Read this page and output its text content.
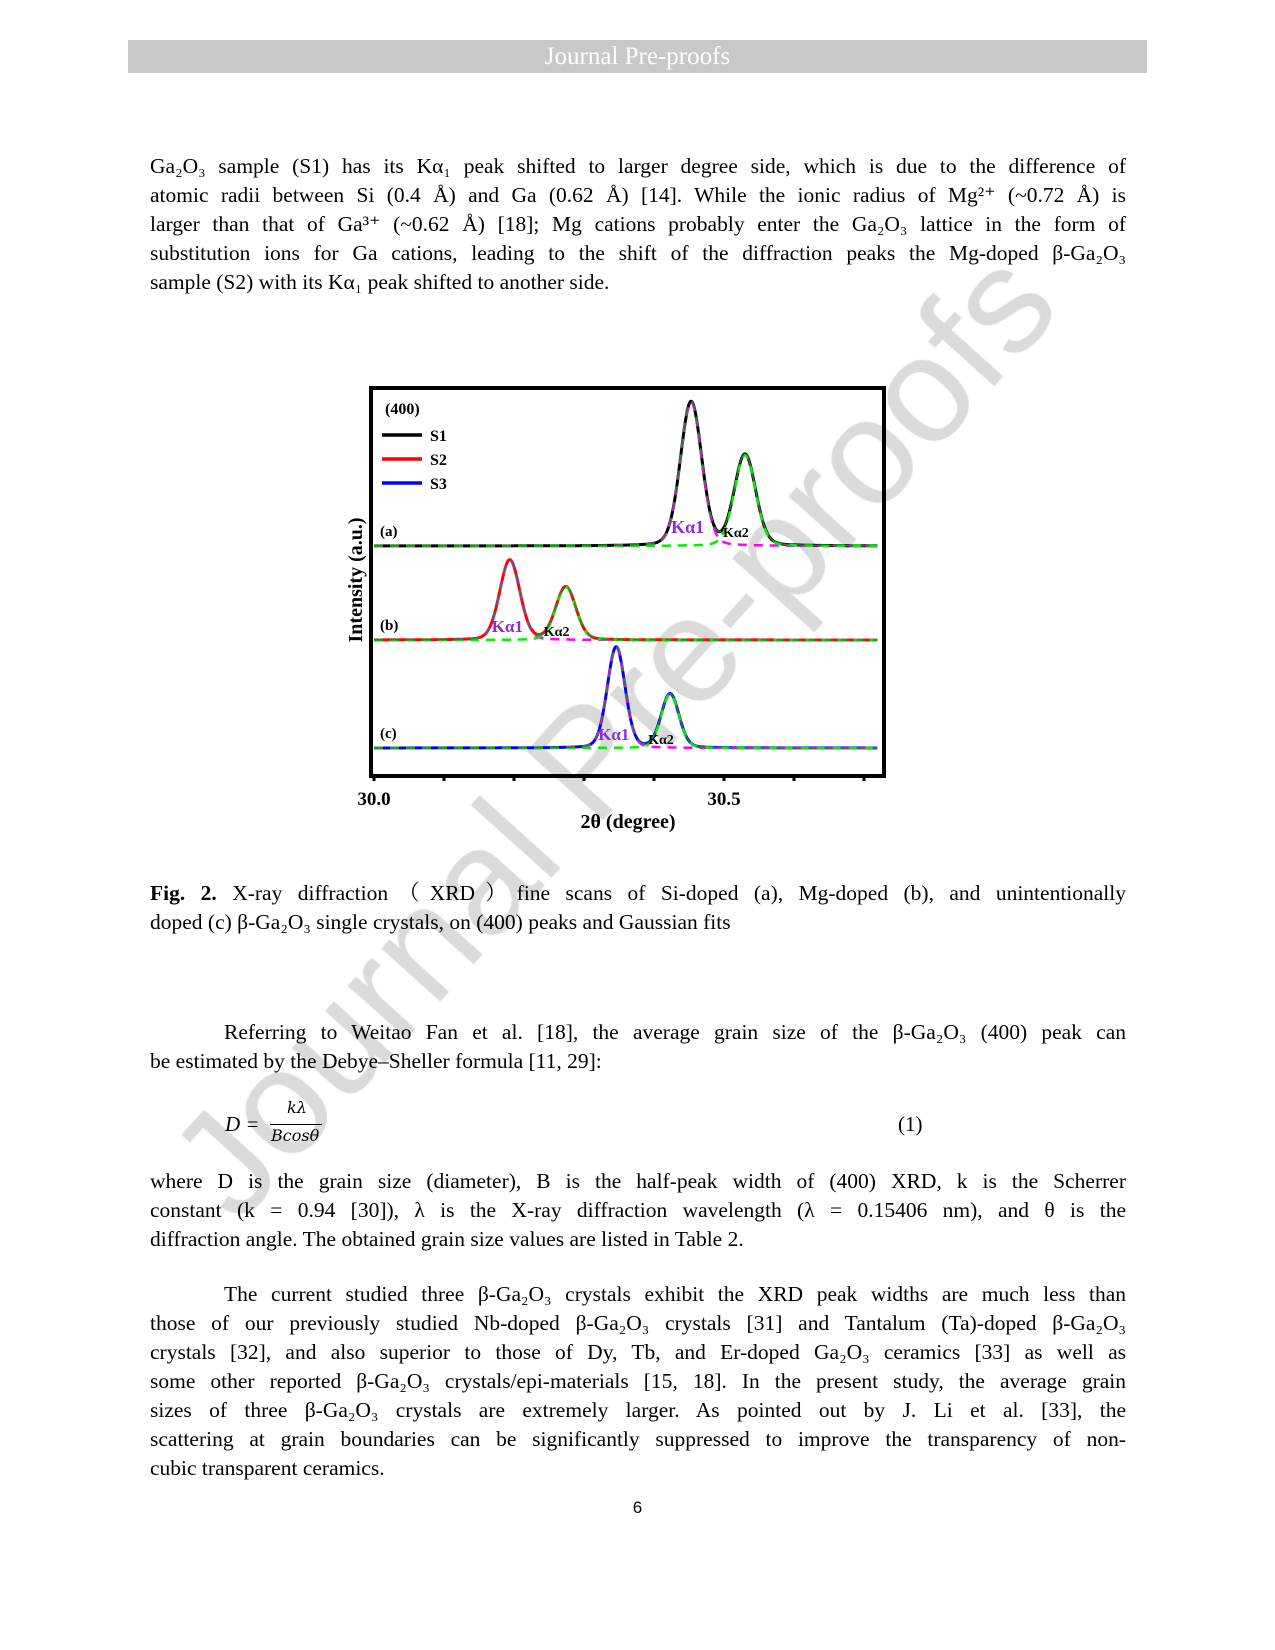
Journal Pre-proofs
Ga₂O₃ sample (S1) has its Kα₁ peak shifted to larger degree side, which is due to the difference of
atomic radii between Si (0.4 Å) and Ga (0.62 Å) [14]. While the ionic radius of Mg²⁺ (~0.72 Å) is
larger than that of Ga³⁺ (~0.62 Å) [18]; Mg cations probably enter the Ga₂O₃ lattice in the form of
substitution ions for Ga cations, leading to the shift of the diffraction peaks the Mg-doped β-Ga₂O₃
sample (S2) with its Kα₁ peak shifted to another side.
(a)	Kα1 Kα2
(b)	Kα1 Kα2
(c)	Kα1 Kα2
30.0	30.5
2θ (degree)
Intensity (a.u.)
(400)
S1
S2
S3
Fig. 2. X-ray diffraction（XRD）fine scans of Si-doped (a), Mg-doped (b), and unintentionally
doped (c) β-Ga₂O₃ single crystals, on (400) peaks and Gaussian fits
Referring to Weitao Fan et al. [18], the average grain size of the β-Ga₂O₃ (400) peak can
be estimated by the Debye–Sheller formula [11, 29]:
D =
kλ
Bcosθ	(1)
where D is the grain size (diameter), B is the half-peak width of (400) XRD, k is the Scherrer
constant (k = 0.94 [30]), λ is the X-ray diffraction wavelength (λ = 0.15406 nm), and θ is the
diffraction angle. The obtained grain size values are listed in Table 2.
The current studied three β-Ga₂O₃ crystals exhibit the XRD peak widths are much less than
those of our previously studied Nb-doped β-Ga₂O₃ crystals [31] and Tantalum (Ta)-doped β-Ga₂O₃
crystals [32], and also superior to those of Dy, Tb, and Er-doped Ga₂O₃ ceramics [33] as well as
some other reported β-Ga₂O₃ crystals/epi-materials [15, 18]. In the present study, the average grain
sizes of three β-Ga₂O₃ crystals are extremely larger. As pointed out by J. Li et al. [33], the
scattering at grain boundaries can be significantly suppressed to improve the transparency of non-
cubic transparent ceramics.
6
